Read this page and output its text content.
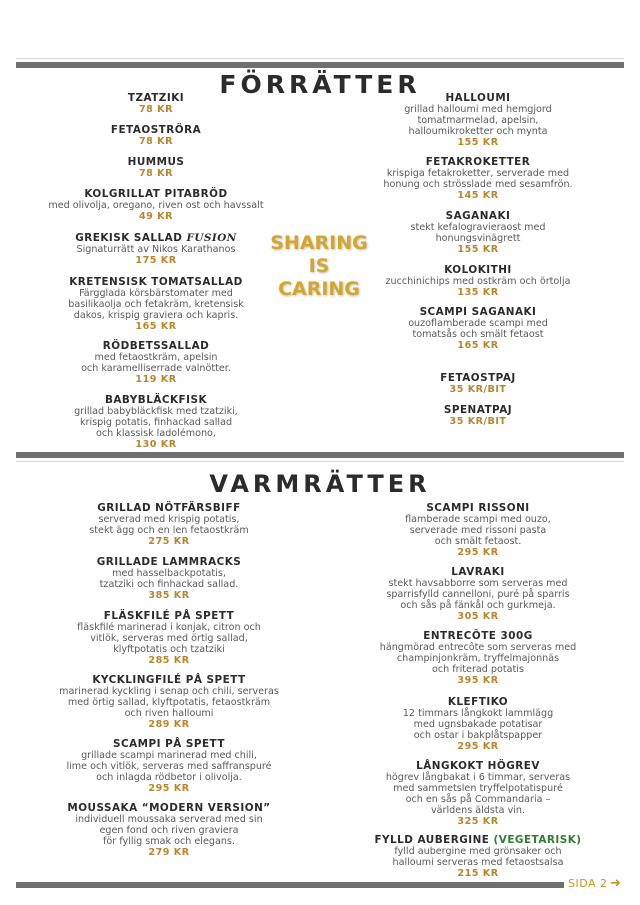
FÖRRÄTTER
TZATZIKI
78 KR
FETAOSTRÖRA
78 KR
HUMMUS
78 KR
KOLGRILLAT PITABRÖD
med olivolja, oregano, riven ost och havssalt
49 KR
GREKISK SALLAD FUSION
Signaturrätt av Nikos Karathanos
175 KR
KRETENSISK TOMATSALLAD
Färgglada körsbärstomater med
basilikaolja och fetakräm, kretensisk
dakos, krispig graviera och kapris.
165 KR
RÖDBETSSALLAD
med fetaostkräm, apelsin
och karamelliserrade valnötter.
119 KR
BABYBLÄCKFISK
grillad babybläckfisk med tzatziki,
krispig potatis, finhackad sallad
och klassisk ladolémono,
130 KR
SHARING
IS
CARING
HALLOUMI
grillad halloumi med hemgjord
tomatmarmelad, apelsin,
halloumikroketter och mynta
155 KR
FETAKROKETTER
krispiga fetakroketter, serverade med
honung och strösslade med sesamfrön.
145 KR
SAGANAKI
stekt kefalogravieraost med
honungsvinägrett
155 KR
KOLOKITHI
zucchinichips med ostkräm och örtolja
135 KR
SCAMPI SAGANAKI
ouzoflamberade scampi med
tomatsås och smält fetaost
165 KR
FETAOSTPAJ
35 KR/BIT
SPENATPAJ
35 KR/BIT
VARMRÄTTER
GRILLAD NÖTFÄRSBIFF
serverad med krispig potatis,
stekt ägg och en len fetaostkräm
275 KR
GRILLADE LAMMRACKS
med hasselbackpotatis,
tzatziki och finhackad sallad.
385 KR
FLÄSKFILÉ PÅ SPETT
fläskfilé marinerad i konjak, citron och
vitlök, serveras med örtig sallad,
klyftpotatis och tzatziki
285 KR
KYCKLINGFILÉ PÅ SPETT
marinerad kyckling i senap och chili, serveras
med örtig sallad, klyftpotatis, fetaostkräm
och riven halloumi
289 KR
SCAMPI PÅ SPETT
grillade scampi marinerad med chili,
lime och vitlök, serveras med saffranspuré
och inlagda rödbetor i olivolja.
295 KR
MOUSSAKA “MODERN VERSION”
individuell moussaka serverad med sin
egen fond och riven graviera
för fyllig smak och elegans.
279 KR
SCAMPI RISSONI
flamberade scampi med ouzo,
serverade med rissoni pasta
och smält fetaost.
295 KR
LAVRAKI
stekt havsabborre som serveras med
sparrisfylld cannelloni, puré på sparris
och sås på fänkål och gurkmeja.
305 KR
ENTRECÔTE 300G
hängmörad entrecôte som serveras med
champinjonkräm, tryffelmajonnäs
och friterad potatis
395 KR
KLEFTIKO
12 timmars långkokt lammlägg
med ugnsbakade potatisar
och ostar i bakplåtspapper
295 KR
LÅNGKOKT HÖGREV
högrev långbakat i 6 timmar, serveras
med sammetslen tryffelpotatispuré
och en sås på Commandaria –
världens äldsta vin.
325 KR
FYLLD AUBERGINE (VEGETARISK)
fylld aubergine med grönsaker och
halloumi serveras med fetaostsalsa
215 KR
SIDA 2 ➜
